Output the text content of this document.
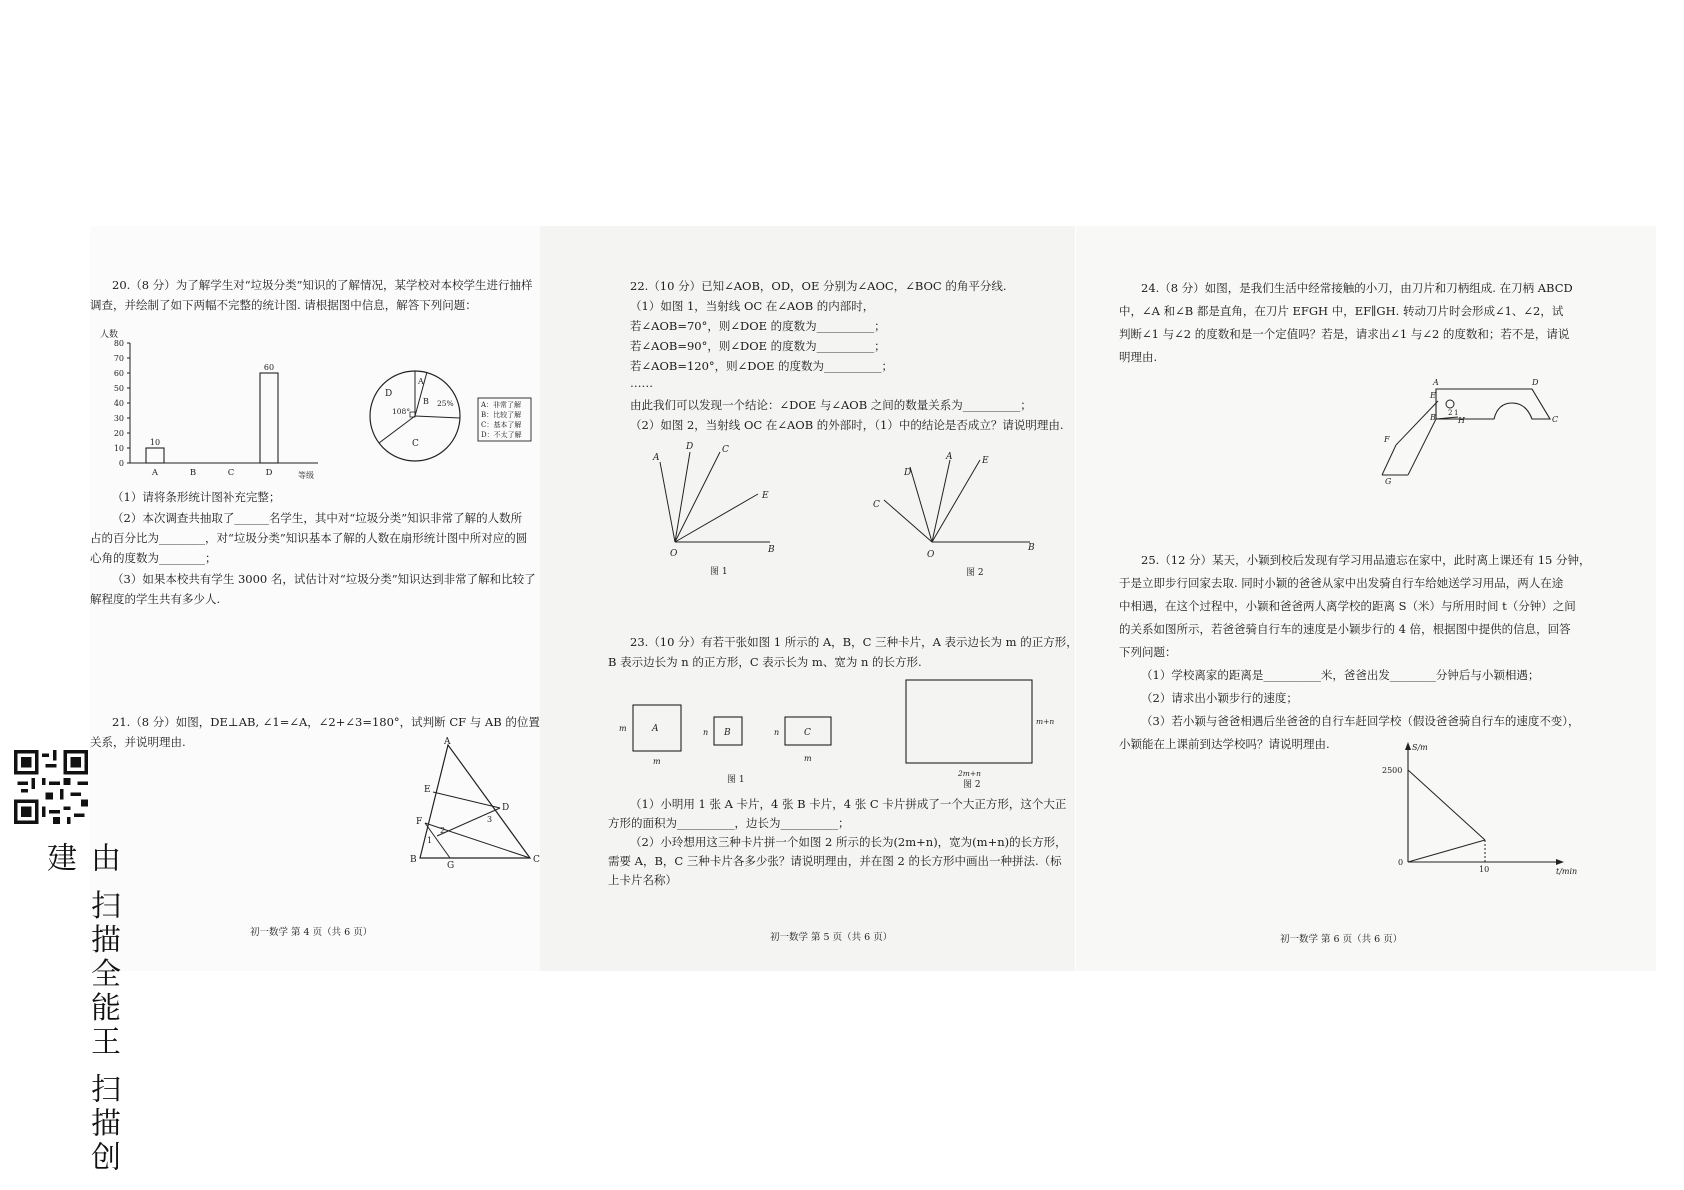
20.（8 分）为了解学生对“垃圾分类”知识的了解情况，某学校对本校学生进行抽样
调查，并绘制了如下两幅不完整的统计图. 请根据图中信息，解答下列问题：
人数
0
10
20
30
40
50
60
70
80
10
60
A	B	C	D	等级
D
A
B
C
108°
25%	A：非常了解
B：比较了解
C：基本了解
D：不太了解
（1）请将条形统计图补充完整；
（2）本次调查共抽取了______名学生，其中对“垃圾分类”知识非常了解的人数所
占的百分比为________，对“垃圾分类”知识基本了解的人数在扇形统计图中所对应的圆
心角的度数为________；
（3）如果本校共有学生 3000 名，试估计对“垃圾分类”知识达到非常了解和比较了
解程度的学生共有多少人.
21.（8 分）如图，DE⊥AB, ∠1=∠A，∠2+∠3=180°，试判断 CF 与 AB 的位置
关系，并说明理由.	A
E
F
D
B
G
C
1
2
3
初一数学 第 4 页（共 6 页）
22.（10 分）已知∠AOB，OD，OE 分别为∠AOC，∠BOC 的角平分线.
（1）如图 1，当射线 OC 在∠AOB 的内部时，
若∠AOB=70°，则∠DOE 的度数为__________；
若∠AOB=90°，则∠DOE 的度数为__________；
若∠AOB=120°，则∠DOE 的度数为__________；
……
由此我们可以发现一个结论：∠DOE 与∠AOB 之间的数量关系为__________；
（2）如图 2，当射线 OC 在∠AOB 的外部时，（1）中的结论是否成立？请说明理由.
A
D	C
E
B
O
图 1
D
A	E
C
B
O
图 2
23.（10 分）有若干张如图 1 所示的 A，B，C 三种卡片，A 表示边长为 m 的正方形，
B 表示边长为 n 的正方形，C 表示长为 m、宽为 n 的长方形.
A
m
m
B
n	C
n
m
图 1
m+n
2m+n
图 2
（1）小明用 1 张 A 卡片，4 张 B 卡片，4 张 C 卡片拼成了一个大正方形，这个大正
方形的面积为__________，边长为__________；
（2）小玲想用这三种卡片拼一个如图 2 所示的长为(2m+n)，宽为(m+n)的长方形，
需要 A，B，C 三种卡片各多少张？请说明理由，并在图 2 的长方形中画出一种拼法.（标
上卡片名称）
初一数学 第 5 页（共 6 页）
24.（8 分）如图，是我们生活中经常接触的小刀，由刀片和刀柄组成. 在刀柄 ABCD
中，∠A 和∠B 都是直角，在刀片 EFGH 中，EF∥GH. 转动刀片时会形成∠1、∠2，试
判断∠1 与∠2 的度数和是一个定值吗？若是，请求出∠1 与∠2 的度数和；若不是，请说
明理由.
A	D
E
B	C
F
G
H
2 1
25.（12 分）某天，小颖到校后发现有学习用品遗忘在家中，此时离上课还有 15 分钟，
于是立即步行回家去取. 同时小颖的爸爸从家中出发骑自行车给她送学习用品，两人在途
中相遇，在这个过程中，小颖和爸爸两人离学校的距离 S（米）与所用时间 t（分钟）之间
的关系如图所示，若爸爸骑自行车的速度是小颖步行的 4 倍，根据图中提供的信息，回答
下列问题：
（1）学校离家的距离是__________米，爸爸出发________分钟后与小颖相遇；
（2）请求出小颖步行的速度；
（3）若小颖与爸爸相遇后坐爸爸的自行车赶回学校（假设爸爸骑自行车的速度不变），
小颖能在上课前到达学校吗？请说明理由.	S/m
2500
0
10	t/min
初一数学 第 6 页（共 6 页）
由 扫描全能王 扫描创建
